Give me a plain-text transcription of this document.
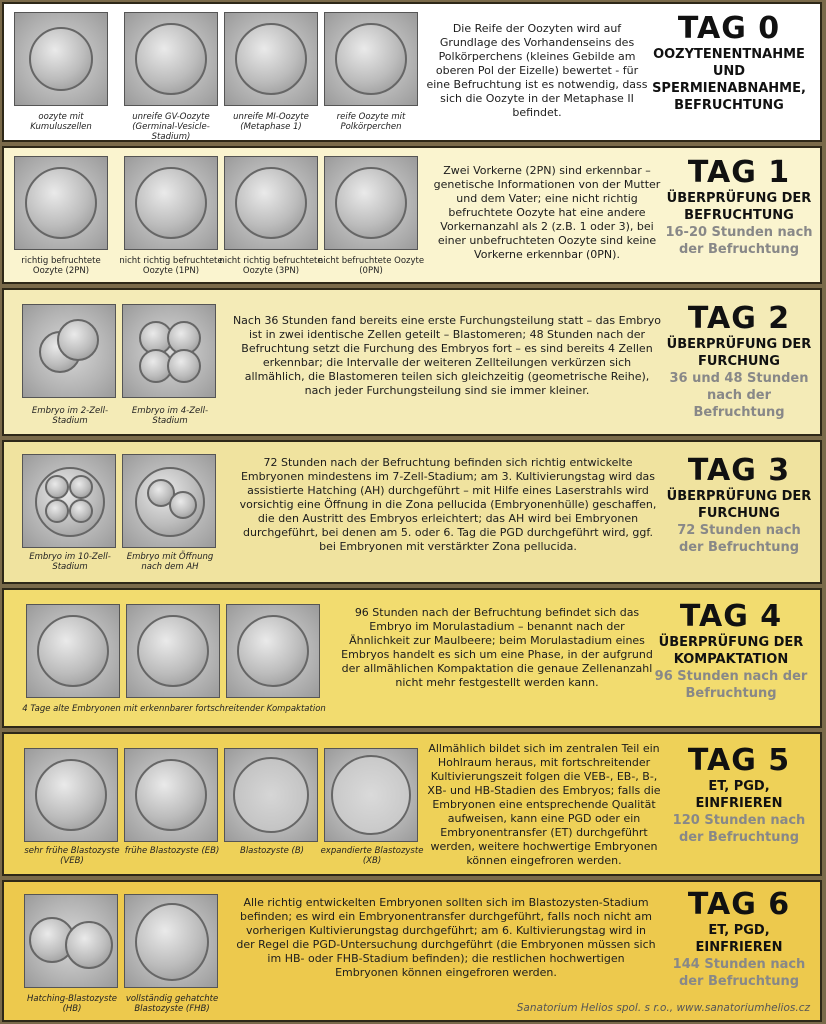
oozyte mit Kumuluszellen
unreife GV-Oozyte (Germinal-Vesicle-Stadium)
unreife MI-Oozyte (Metaphase 1)
reife Oozyte mit Polkörperchen
Die Reife der Oozyten wird auf Grundlage des Vorhandenseins des Polkörperchens (kleines Gebilde am oberen Pol der Eizelle) bewertet - für eine Befruchtung ist es notwendig, dass sich die Oozyte in der Metaphase II befindet.
TAG 0
OOZYTENENTNAHME UND SPERMIENABNAHME, BEFRUCHTUNG
richtig befruchtete Oozyte (2PN)
nicht richtig befruchtete Oozyte (1PN)
nicht richtig befruchtete Oozyte (3PN)
nicht befruchtete Oozyte (0PN)
Zwei Vorkerne (2PN) sind erkennbar – genetische Informationen von der Mutter und dem Vater; eine nicht richtig befruchtete Oozyte hat eine andere Vorkernanzahl als 2 (z.B. 1 oder 3), bei einer unbefruchteten Oozyte sind keine Vorkerne erkennbar (0PN).
TAG 1
ÜBERPRÜFUNG DER BEFRUCHTUNG
16-20 Stunden nach der Befruchtung
Embryo im 2-Zell-Stadium
Embryo im 4-Zell-Stadium
Nach 36 Stunden fand bereits eine erste Furchungsteilung statt – das Embryo ist in zwei identische Zellen geteilt – Blastomeren; 48 Stunden nach der Befruchtung setzt die Furchung des Embryos fort – es sind bereits 4 Zellen erkennbar; die Intervalle der weiteren Zellteilungen verkürzen sich allmählich, die Blastomeren teilen sich gleichzeitig (geometrische Reihe), nach jeder Furchungsteilung sind sie immer kleiner.
TAG 2
ÜBERPRÜFUNG DER FURCHUNG
36 und 48 Stunden nach der Befruchtung
Embryo im 10-Zell-Stadium
Embryo mit Öffnung nach dem AH
72 Stunden nach der Befruchtung befinden sich richtig entwickelte Embryonen mindestens im 7-Zell-Stadium; am 3. Kultivierungstag wird das assistierte Hatching (AH) durchgeführt – mit Hilfe eines Laserstrahls wird vorsichtig eine Öffnung in die Zona pellucida (Embryonenhülle) geschaffen, die den Austritt des Embryos erleichtert; das AH wird bei Embryonen durchgeführt, bei denen am 5. oder 6. Tag die PGD durchgeführt wird, ggf. bei Embryonen mit verstärkter Zona pellucida.
TAG 3
ÜBERPRÜFUNG DER FURCHUNG
72 Stunden nach der Befruchtung
4 Tage alte Embryonen mit erkennbarer fortschreitender Kompaktation
96 Stunden nach der Befruchtung befindet sich das Embryo im Morulastadium – benannt nach der Ähnlichkeit zur Maulbeere; beim Morulastadium eines Embryos handelt es sich um eine Phase, in der aufgrund der allmählichen Kompaktation die genaue Zellenanzahl nicht mehr festgestellt werden kann.
TAG 4
ÜBERPRÜFUNG DER KOMPAKTATION
96 Stunden nach der Befruchtung
sehr frühe Blastozyste (VEB)
frühe Blastozyste (EB)	Blastozyste (B)	expandierte Blastozyste (XB)
Allmählich bildet sich im zentralen Teil ein Hohlraum heraus, mit fortschreitender Kultivierungszeit folgen die VEB-, EB-, B-, XB- und HB-Stadien des Embryos; falls die Embryonen eine entsprechende Qualität aufweisen, kann eine PGD oder ein Embryonentransfer (ET) durchgeführt werden, weitere hochwertige Embryonen können eingefroren werden.
TAG 5
ET, PGD, EINFRIEREN
120 Stunden nach der Befruchtung
Hatching-Blastozyste (HB)
vollständig gehatchte Blastozyste (FHB)
Alle richtig entwickelten Embryonen sollten sich im Blastozysten-Stadium befinden; es wird ein Embryonentransfer durchgeführt, falls noch nicht am vorherigen Kultivierungstag durchgeführt; am 6. Kultivierungstag wird in der Regel die PGD-Untersuchung durchgeführt (die Embryonen müssen sich im HB- oder FHB-Stadium befinden); die restlichen hochwertigen Embryonen können eingefroren werden.
TAG 6
ET, PGD, EINFRIEREN
144 Stunden nach der Befruchtung
Sanatorium Helios spol. s r.o., www.sanatoriumhelios.cz
